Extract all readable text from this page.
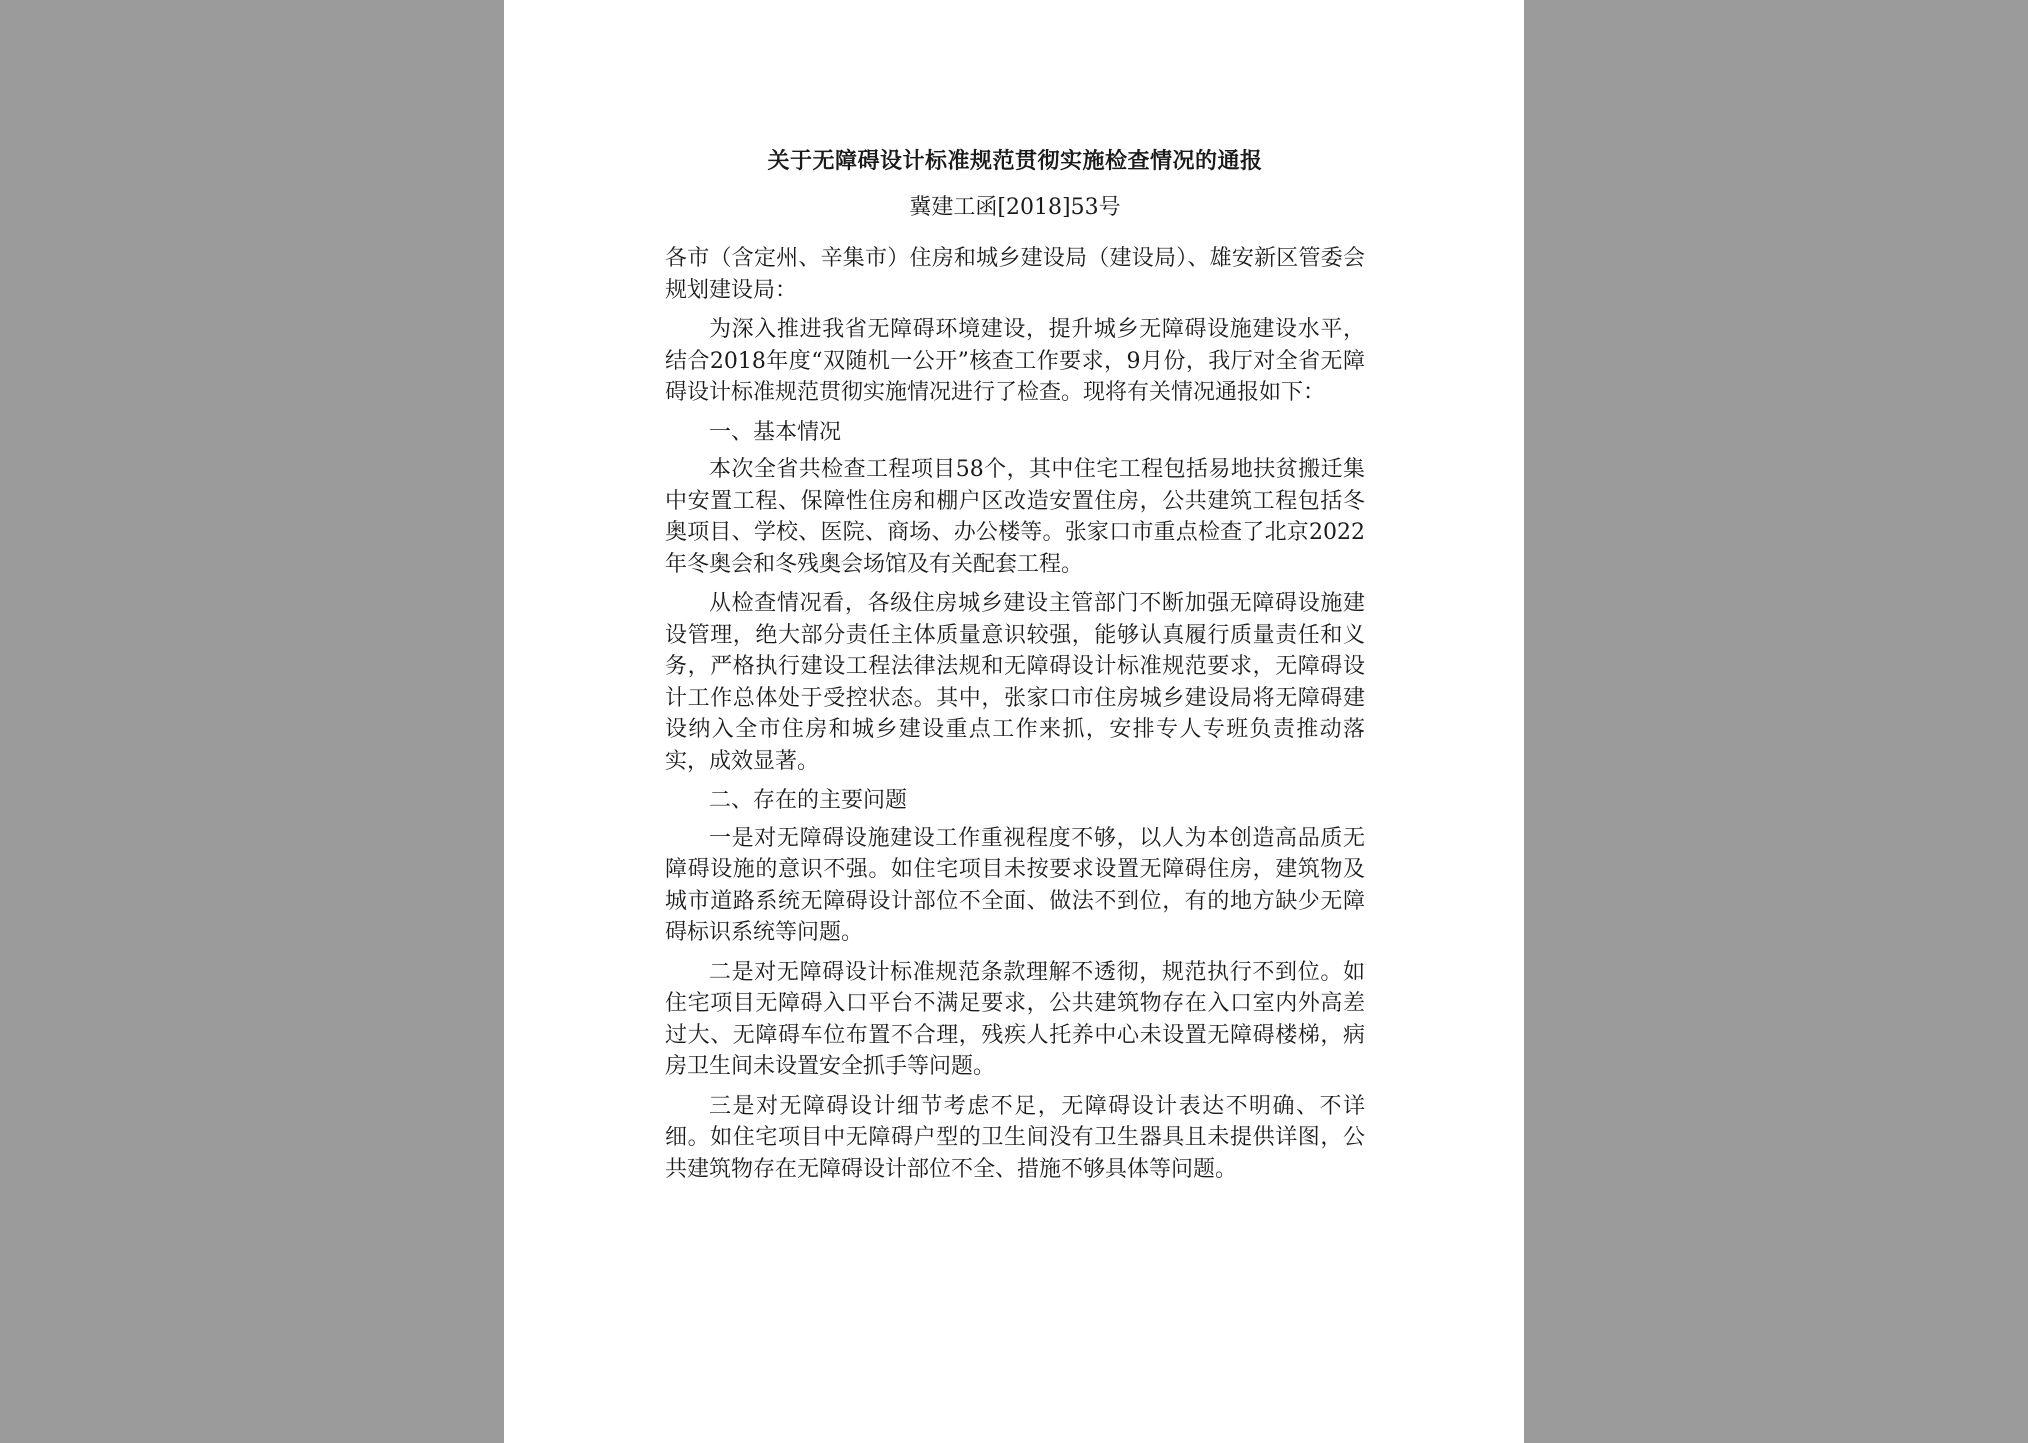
关于无障碍设计标准规范贯彻实施检查情况的通报
冀建工函[2018]53号

各市（含定州、辛集市）住房和城乡建设局（建设局）、雄安新区管委会规划建设局：

为深入推进我省无障碍环境建设，提升城乡无障碍设施建设水平，结合2018年度“双随机一公开”核查工作要求，9月份，我厅对全省无障碍设计标准规范贯彻实施情况进行了检查。现将有关情况通报如下：

一、基本情况

本次全省共检查工程项目58个，其中住宅工程包括易地扶贫搬迁集中安置工程、保障性住房和棚户区改造安置住房，公共建筑工程包括冬奥项目、学校、医院、商场、办公楼等。张家口市重点检查了北京2022年冬奥会和冬残奥会场馆及有关配套工程。

从检查情况看，各级住房城乡建设主管部门不断加强无障碍设施建设管理，绝大部分责任主体质量意识较强，能够认真履行质量责任和义务，严格执行建设工程法律法规和无障碍设计标准规范要求，无障碍设计工作总体处于受控状态。其中，张家口市住房城乡建设局将无障碍建设纳入全市住房和城乡建设重点工作来抓，安排专人专班负责推动落实，成效显著。

二、存在的主要问题

一是对无障碍设施建设工作重视程度不够，以人为本创造高品质无障碍设施的意识不强。如住宅项目未按要求设置无障碍住房，建筑物及城市道路系统无障碍设计部位不全面、做法不到位，有的地方缺少无障碍标识系统等问题。

二是对无障碍设计标准规范条款理解不透彻，规范执行不到位。如住宅项目无障碍入口平台不满足要求，公共建筑物存在入口室内外高差过大、无障碍车位布置不合理，残疾人托养中心未设置无障碍楼梯，病房卫生间未设置安全抓手等问题。

三是对无障碍设计细节考虑不足，无障碍设计表达不明确、不详细。如住宅项目中无障碍户型的卫生间没有卫生器具且未提供详图，公共建筑物存在无障碍设计部位不全、措施不够具体等问题。
